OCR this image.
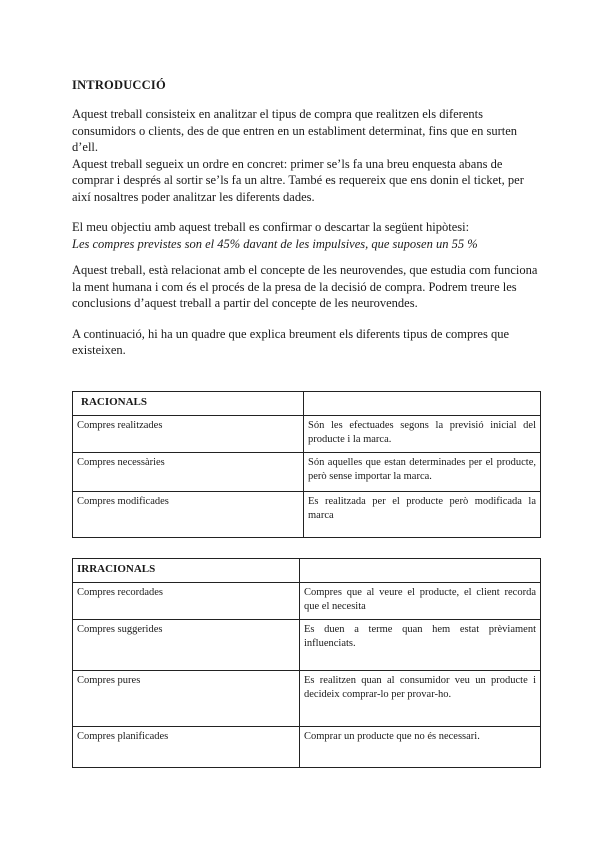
INTRODUCCIÓ

Aquest treball consisteix en analitzar el tipus de compra que realitzen els diferents consumidors o clients, des de que entren en un establiment determinat, fins que en surten d’ell.

Aquest treball segueix un ordre en concret: primer se’ls fa una breu enquesta abans de comprar i després al sortir se’ls fa un altre. També es requereix que ens donin el ticket, per així nosaltres poder analitzar les diferents dades.

El meu objectiu amb aquest treball es confirmar o descartar la següent hipòtesi:

Les compres previstes son el 45% davant de les impulsives, que suposen un 55 %

Aquest treball, està relacionat amb el concepte de les neurovendes, que estudia com funciona la ment humana i com és el procés de la presa de la decisió de compra. Podrem treure les conclusions d’aquest treball a partir del concepte de les neurovendes.

A continuació, hi ha un quadre que explica breument els diferents tipus de compres que existeixen.

RACIONALS	
Compres realitzades	Són les efectuades segons la previsió inicial del producte i la marca.
Compres necessàries	Són aquelles que estan determinades per el producte, però sense importar la marca.
Compres modificades	Es realitzada per el producte però modificada la marca
IRRACIONALS	
Compres recordades	Compres que al veure el producte, el client recorda que el necesita
Compres suggerides	Es duen a terme quan hem estat prèviament influenciats.
Compres pures	Es realitzen quan al consumidor veu un producte i decideix comprar-lo per provar-ho.
Compres planificades	Comprar un producte que no és necessari.
